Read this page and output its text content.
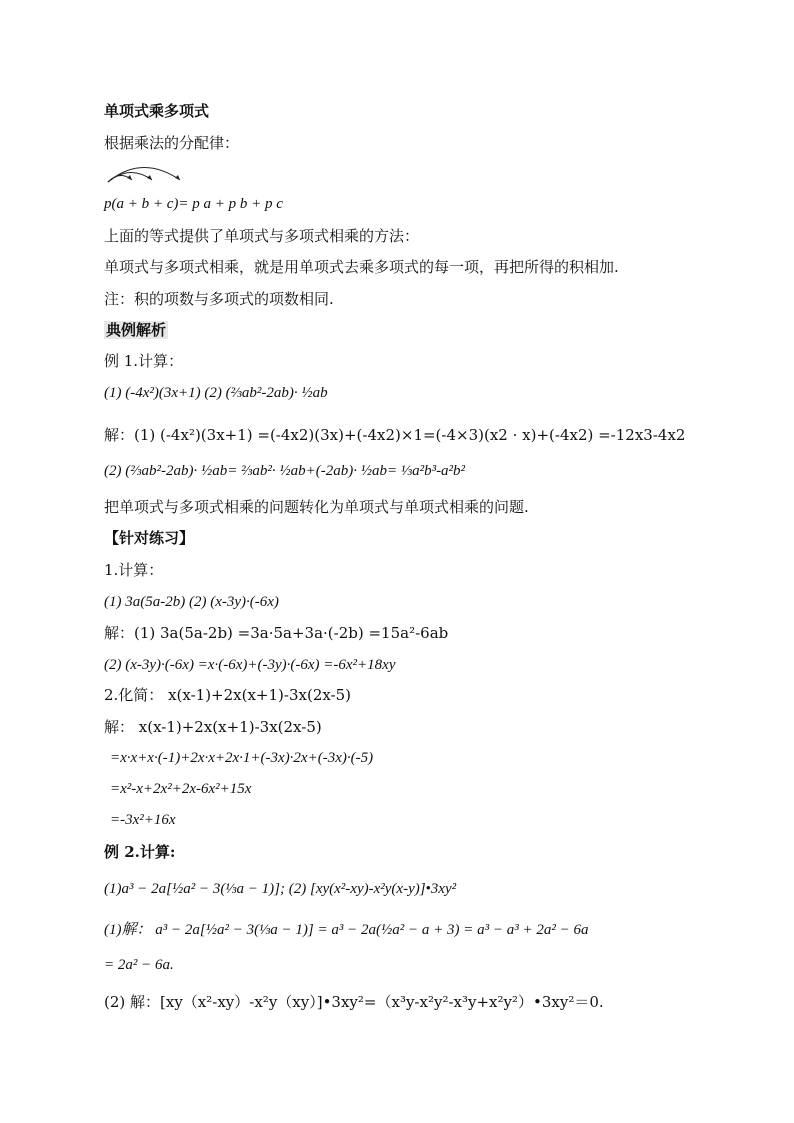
单项式乘多项式
根据乘法的分配律：
p(a + b + c)= p a + p b + p c
上面的等式提供了单项式与多项式相乘的方法：
单项式与多项式相乘，就是用单项式去乘多项式的每一项，再把所得的积相加.
注：积的项数与多项式的项数相同.
典例解析
例 1.计算：
(1) (-4x²)(3x+1) (2) (⅔ab²-2ab)· ½ab
解：(1) (-4x²)(3x+1) =(-4x2)(3x)+(-4x2)×1=(-4×3)(x2 · x)+(-4x2) =-12x3-4x2
(2) (⅔ab²-2ab)· ½ab= ⅔ab²· ½ab+(-2ab)· ½ab= ⅓a²b³-a²b²
把单项式与多项式相乘的问题转化为单项式与单项式相乘的问题.
【针对练习】
1.计算：
(1) 3a(5a-2b) (2) (x-3y)·(-6x)
解：(1) 3a(5a-2b) =3a·5a+3a·(-2b) =15a²-6ab
(2) (x-3y)·(-6x) =x·(-6x)+(-3y)·(-6x) =-6x²+18xy
2.化简： x(x-1)+2x(x+1)-3x(2x-5)
解： x(x-1)+2x(x+1)-3x(2x-5)
=x·x+x·(-1)+2x·x+2x·1+(-3x)·2x+(-3x)·(-5)
=x²-x+2x²+2x-6x²+15x
=-3x²+16x
例 2.计算:
(1)a³ − 2a[½a² − 3(⅓a − 1)]; (2) [xy(x²-xy)-x²y(x-y)]•3xy²
(1)解： a³ − 2a[½a² − 3(⅓a − 1)] = a³ − 2a(½a² − a + 3) = a³ − a³ + 2a² − 6a
= 2a² − 6a.
(2) 解：[xy（x²-xy）-x²y（xy）]•3xy²=（x³y-x²y²-x³y+x²y²）•3xy²＝0.
